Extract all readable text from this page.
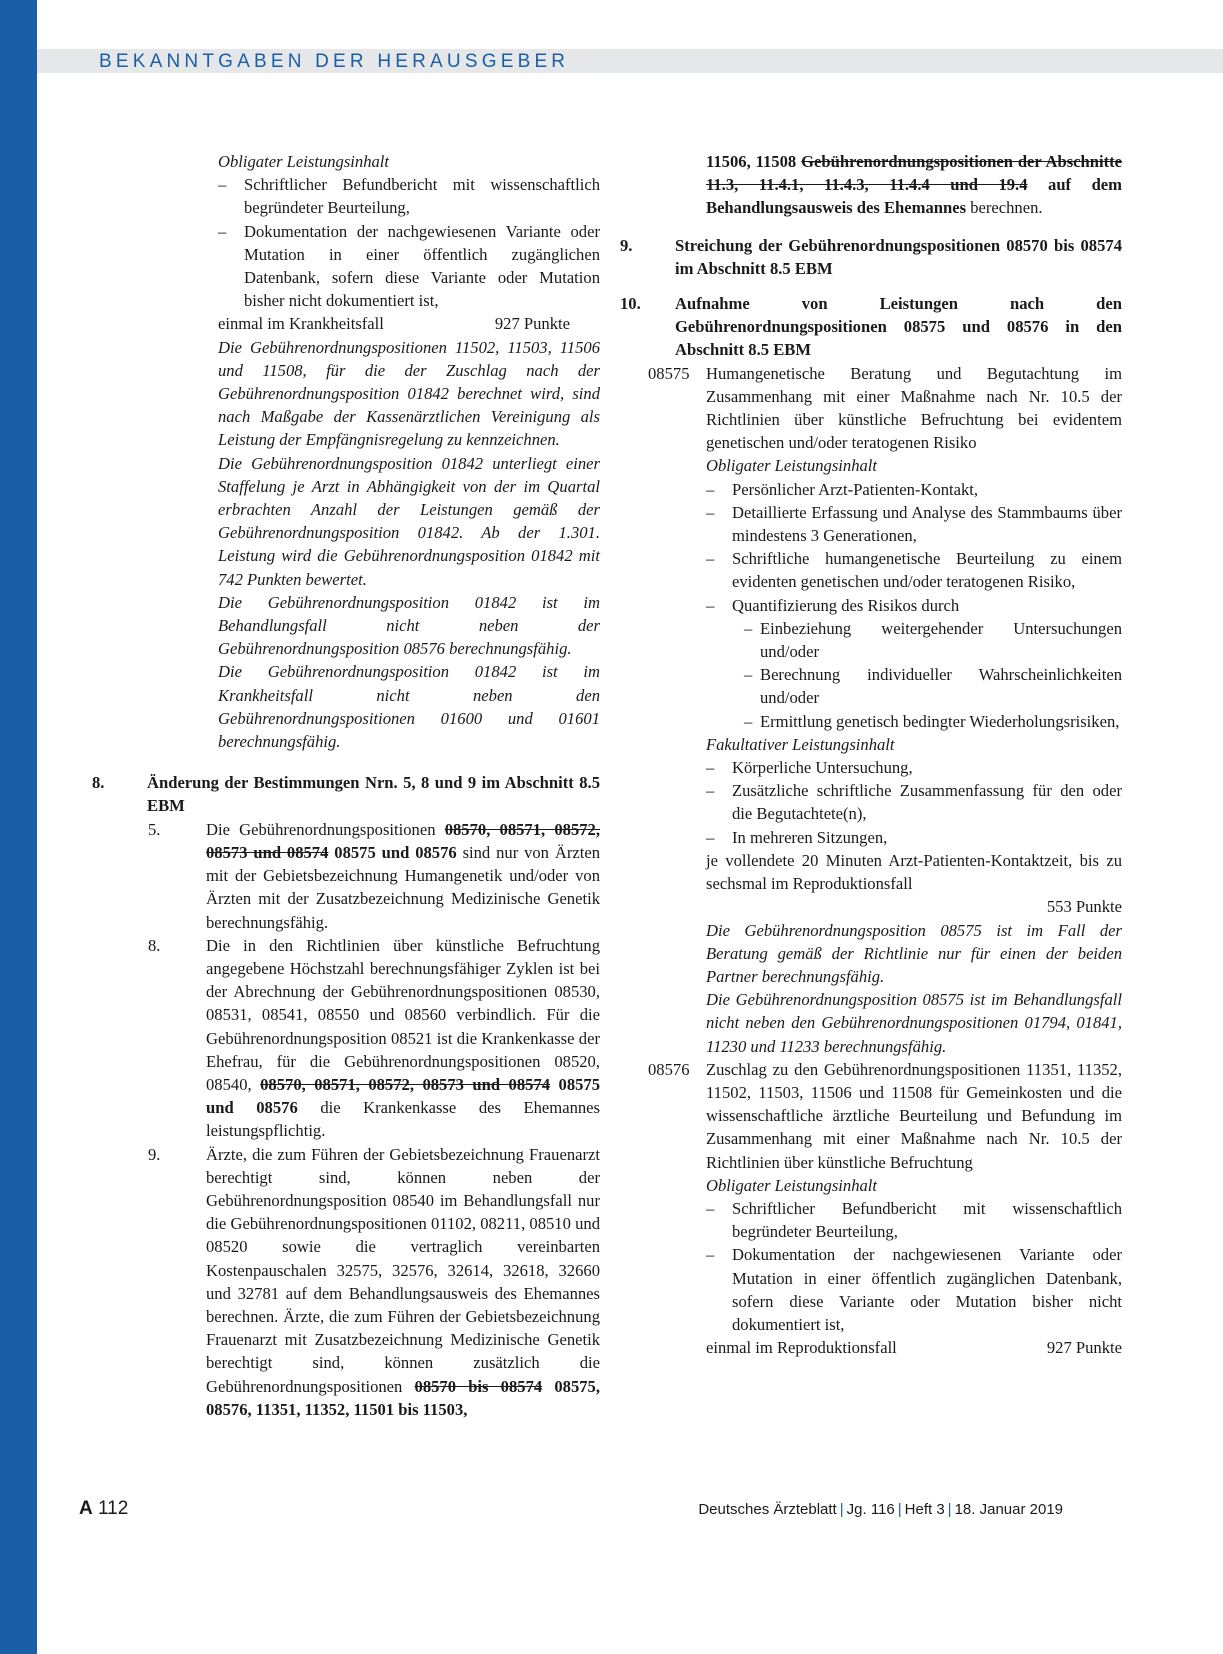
BEKANNTGABEN DER HERAUSGEBER
Obligater Leistungsinhalt
–	Schriftlicher Befundbericht mit wissenschaftlich begründeter Beurteilung,
–	Dokumentation der nachgewiesenen Variante oder Mutation in einer öffentlich zugänglichen Datenbank, sofern diese Variante oder Mutation bisher nicht dokumentiert ist,
einmal im Krankheitsfall	927 Punkte
Die Gebührenordnungspositionen 11502, 11503, 11506 und 11508, für die der Zuschlag nach der Gebührenordnungsposition 01842 berechnet wird, sind nach Maßgabe der Kassenärztlichen Vereinigung als Leistung der Empfängnisregelung zu kennzeichnen.
Die Gebührenordnungsposition 01842 unterliegt einer Staffelung je Arzt in Abhängigkeit von der im Quartal erbrachten Anzahl der Leistungen gemäß der Gebührenordnungsposition 01842. Ab der 1.301. Leistung wird die Gebührenordnungsposition 01842 mit 742 Punkten bewertet.
Die Gebührenordnungsposition 01842 ist im Behandlungsfall nicht neben der Gebührenordnungsposition 08576 berechnungsfähig.
Die Gebührenordnungsposition 01842 ist im Krankheitsfall nicht neben den Gebührenordnungspositionen 01600 und 01601 berechnungsfähig.
8.	Änderung der Bestimmungen Nrn. 5, 8 und 9 im Abschnitt 8.5 EBM
5.	Die Gebührenordnungspositionen 08570, 08571, 08572, 08573 und 08574 08575 und 08576 sind nur von Ärzten mit der Gebietsbezeichnung Humangenetik und/oder von Ärzten mit der Zusatzbezeichnung Medizinische Genetik berechnungsfähig.
8.	Die in den Richtlinien über künstliche Befruchtung angegebene Höchstzahl berechnungsfähiger Zyklen ist bei der Abrechnung der Gebührenordnungspositionen 08530, 08531, 08541, 08550 und 08560 verbindlich. Für die Gebührenordnungsposition 08521 ist die Krankenkasse der Ehefrau, für die Gebührenordnungspositionen 08520, 08540, 08570, 08571, 08572, 08573 und 08574 08575 und 08576 die Krankenkasse des Ehemannes leistungspflichtig.
9.	Ärzte, die zum Führen der Gebietsbezeichnung Frauenarzt berechtigt sind, können neben der Gebührenordnungsposition 08540 im Behandlungsfall nur die Gebührenordnungspositionen 01102, 08211, 08510 und 08520 sowie die vertraglich vereinbarten Kostenpauschalen 32575, 32576, 32614, 32618, 32660 und 32781 auf dem Behandlungsausweis des Ehemannes berechnen. Ärzte, die zum Führen der Gebietsbezeichnung Frauenarzt mit Zusatzbezeichnung Medizinische Genetik berechtigt sind, können zusätzlich die Gebührenordnungspositionen 08570 bis 08574 08575, 08576, 11351, 11352, 11501 bis 11503,
11506, 11508 Gebührenordnungspositionen der Abschnitte 11.3, 11.4.1, 11.4.3, 11.4.4 und 19.4 auf dem Behandlungsausweis des Ehemannes berechnen.
9.	Streichung der Gebührenordnungspositionen 08570 bis 08574 im Abschnitt 8.5 EBM
10.	Aufnahme von Leistungen nach den Gebührenordnungspositionen 08575 und 08576 in den Abschnitt 8.5 EBM
08575 Humangenetische Beratung und Begutachtung im Zusammenhang mit einer Maßnahme nach Nr. 10.5 der Richtlinien über künstliche Befruchtung bei evidentem genetischen und/oder teratogenen Risiko
Obligater Leistungsinhalt
–	Persönlicher Arzt-Patienten-Kontakt,
–	Detaillierte Erfassung und Analyse des Stammbaums über mindestens 3 Generationen,
–	Schriftliche humangenetische Beurteilung zu einem evidenten genetischen und/oder teratogenen Risiko,
–	Quantifizierung des Risikos durch
– Einbeziehung weitergehender Untersuchungen und/oder
– Berechnung individueller Wahrscheinlichkeiten und/oder
– Ermittlung genetisch bedingter Wiederholungsrisiken,
Fakultativer Leistungsinhalt
–	Körperliche Untersuchung,
–	Zusätzliche schriftliche Zusammenfassung für den oder die Begutachtete(n),
–	In mehreren Sitzungen,
je vollendete 20 Minuten Arzt-Patienten-Kontaktzeit, bis zu sechsmal im Reproduktionsfall
553 Punkte
Die Gebührenordnungsposition 08575 ist im Fall der Beratung gemäß der Richtlinie nur für einen der beiden Partner berechnungsfähig.
Die Gebührenordnungsposition 08575 ist im Behandlungsfall nicht neben den Gebührenordnungspositionen 01794, 01841, 11230 und 11233 berechnungsfähig.
08576 Zuschlag zu den Gebührenordnungspositionen 11351, 11352, 11502, 11503, 11506 und 11508 für Gemeinkosten und die wissenschaftliche ärztliche Beurteilung und Befundung im Zusammenhang mit einer Maßnahme nach Nr. 10.5 der Richtlinien über künstliche Befruchtung
Obligater Leistungsinhalt
–	Schriftlicher Befundbericht mit wissenschaftlich begründeter Beurteilung,
–	Dokumentation der nachgewiesenen Variante oder Mutation in einer öffentlich zugänglichen Datenbank, sofern diese Variante oder Mutation bisher nicht dokumentiert ist,
einmal im Reproduktionsfall	927 Punkte
A 112	Deutsches Ärzteblatt | Jg. 116 | Heft 3 | 18. Januar 2019
